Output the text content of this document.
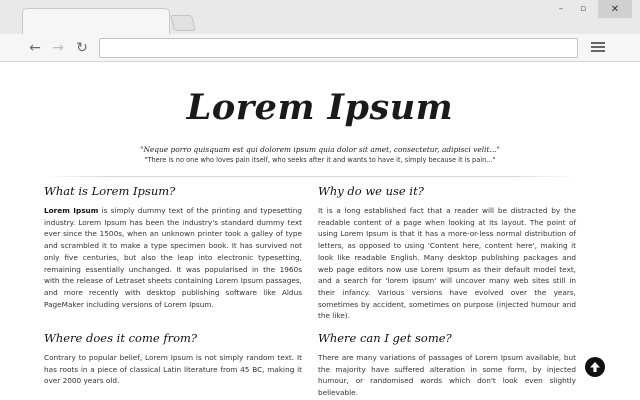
–	▫	✕
← → ↻
Lorem Ipsum
"Neque porro quisquam est qui dolorem ipsum quia dolor sit amet, consectetur, adipisci velit..."
"There is no one who loves pain itself, who seeks after it and wants to have it, simply because it is pain..."
What is Lorem Ipsum?

Lorem Ipsum is simply dummy text of the printing and typesetting industry. Lorem Ipsum has been the industry's standard dummy text ever since the 1500s, when an unknown printer took a galley of type and scrambled it to make a type specimen book. It has survived not only five centuries, but also the leap into electronic typesetting, remaining essentially unchanged. It was popularised in the 1960s with the release of Letraset sheets containing Lorem Ipsum passages, and more recently with desktop publishing software like Aldus PageMaker including versions of Lorem Ipsum.

Why do we use it?

It is a long established fact that a reader will be distracted by the readable content of a page when looking at its layout. The point of using Lorem Ipsum is that it has a more-or-less normal distribution of letters, as opposed to using 'Content here, content here', making it look like readable English. Many desktop publishing packages and web page editors now use Lorem Ipsum as their default model text, and a search for 'lorem ipsum' will uncover many web sites still in their infancy. Various versions have evolved over the years, sometimes by accident, sometimes on purpose (injected humour and the like).

Where does it come from?

Contrary to popular belief, Lorem Ipsum is not simply random text. It has roots in a piece of classical Latin literature from 45 BC, making it over 2000 years old.

Where can I get some?

There are many variations of passages of Lorem Ipsum available, but the majority have suffered alteration in some form, by injected humour, or randomised words which don't look even slightly believable.
